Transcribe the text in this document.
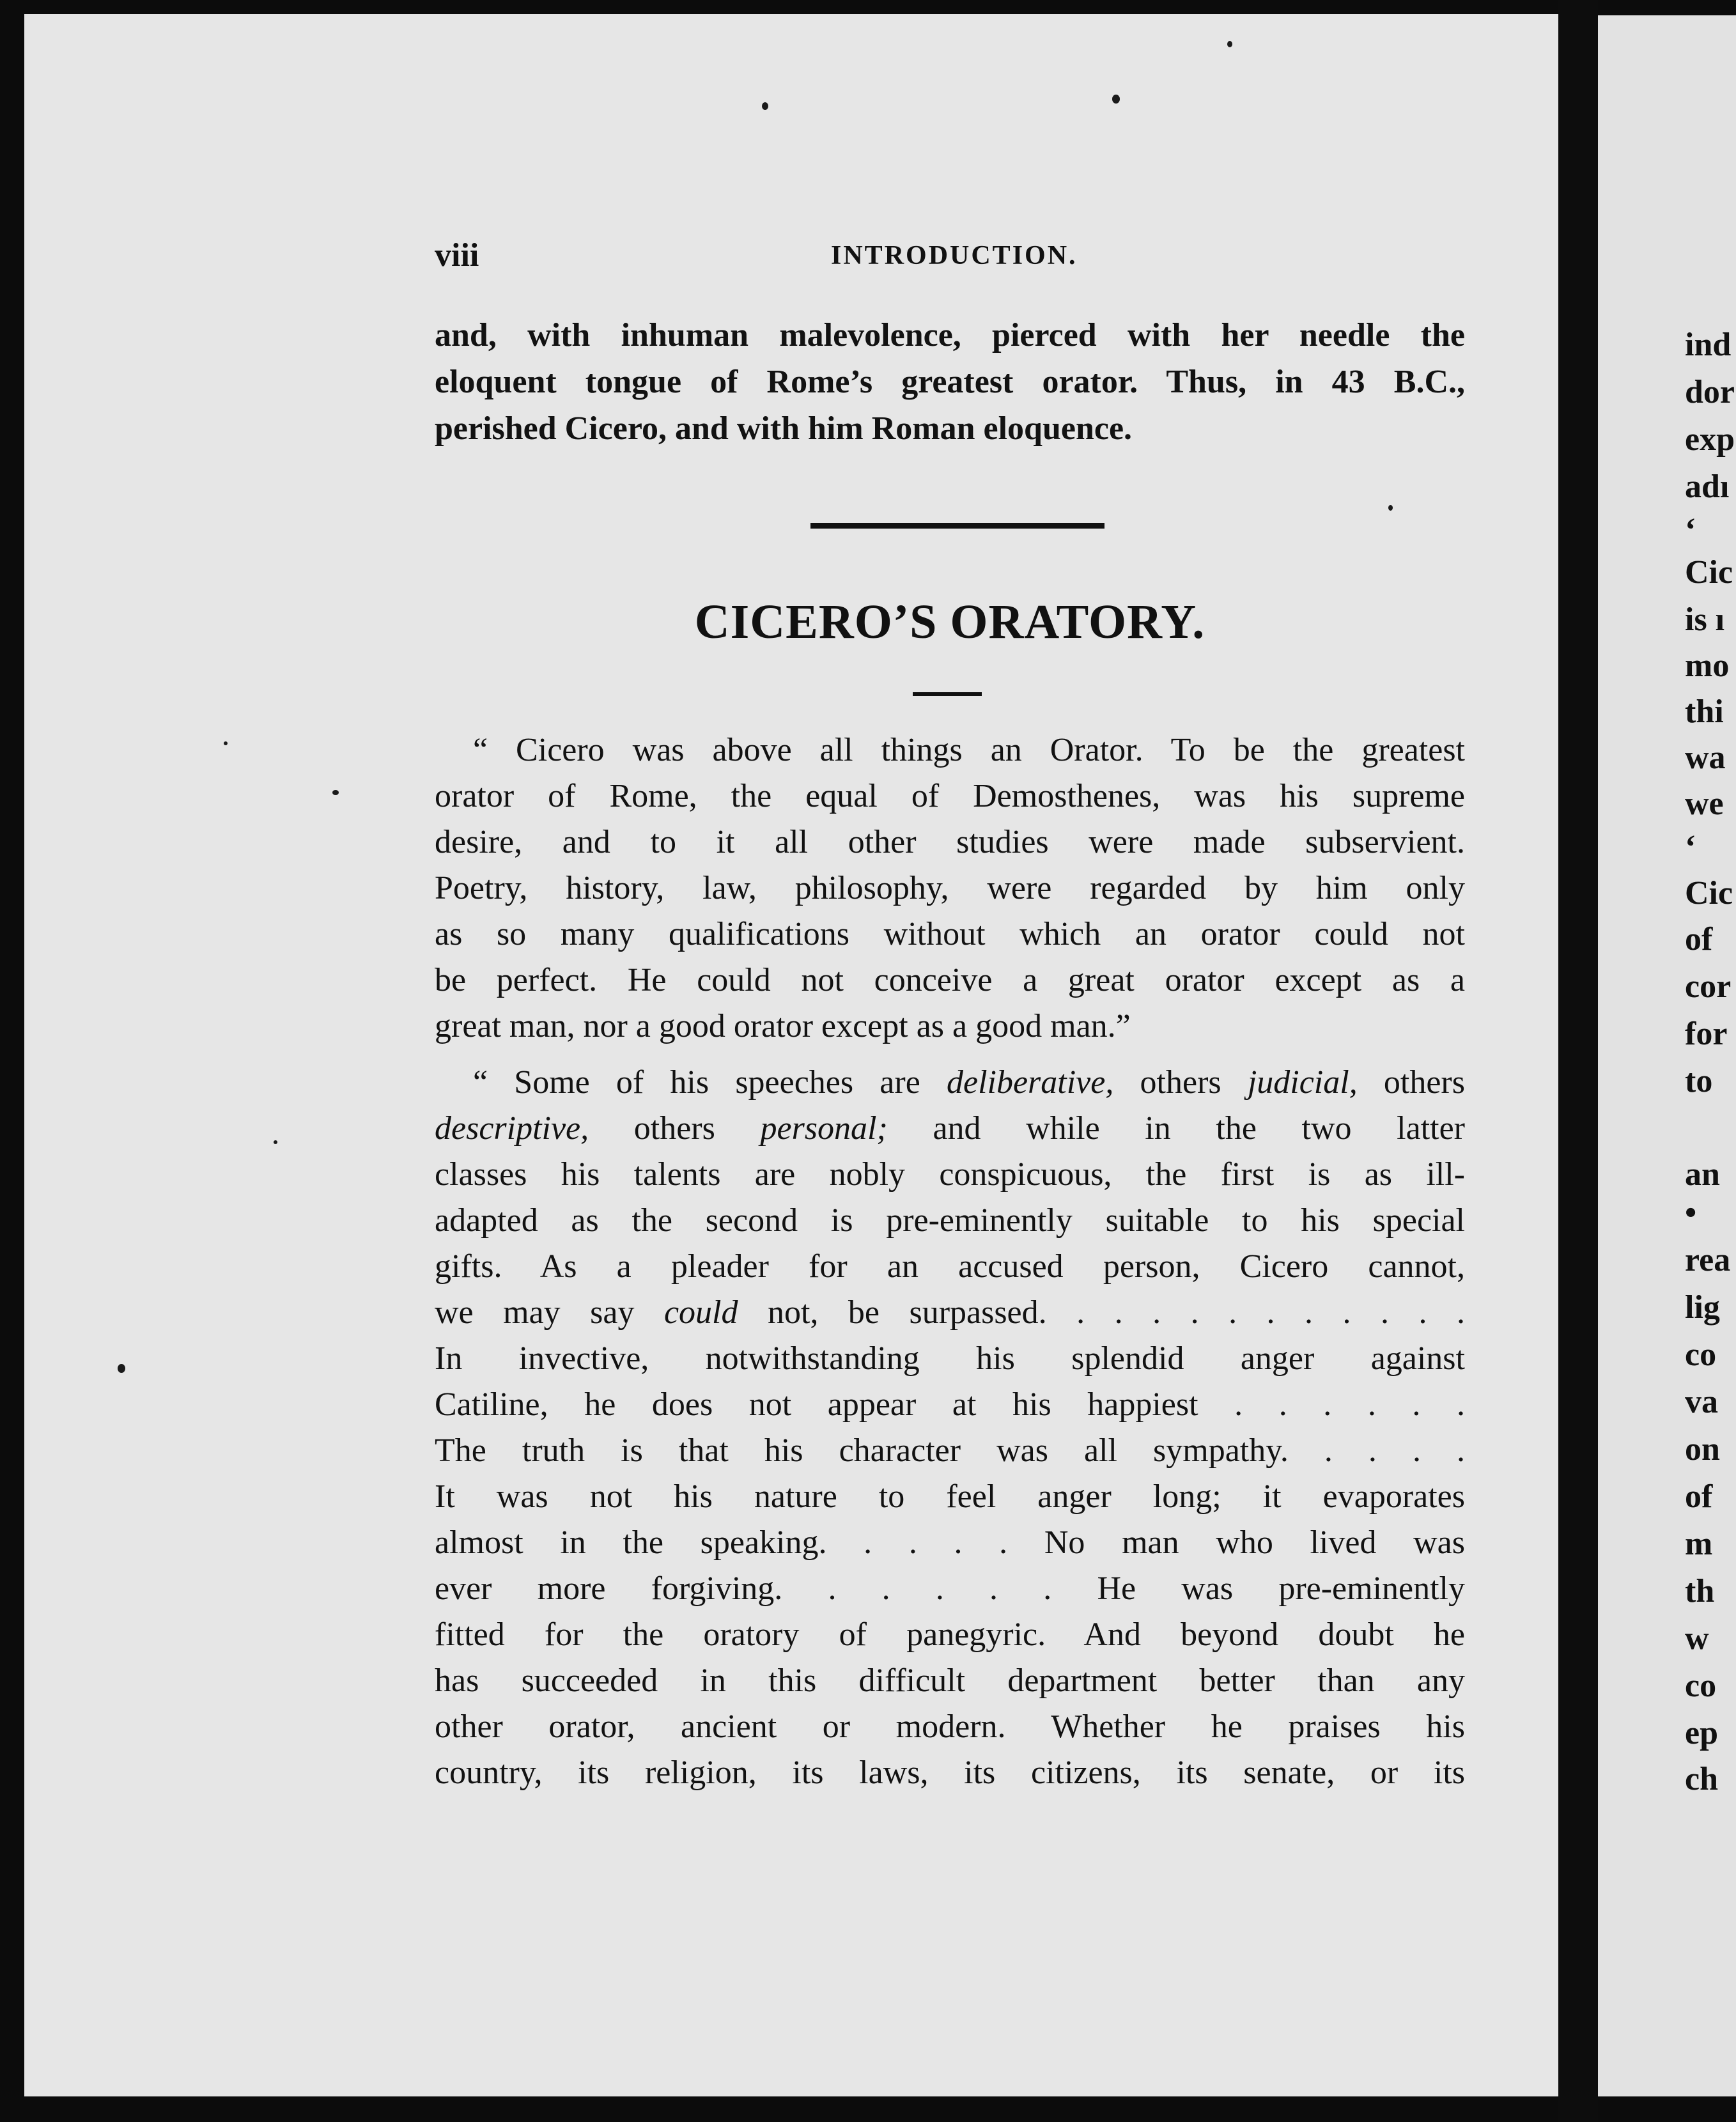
viii	INTRODUCTION.
and, with inhuman malevolence, pierced with her needle the
eloquent tongue of Rome’s greatest orator. Thus, in 43 B.C.,
perished Cicero, and with him Roman eloquence.
CICERO’S ORATORY.
“ Cicero was above all things an Orator. To be the greatest
orator of Rome, the equal of Demosthenes, was his supreme
desire, and to it all other studies were made subservient.
Poetry, history, law, philosophy, were regarded by him only
as so many qualifications without which an orator could not
be perfect. He could not conceive a great orator except as a
great man, nor a good orator except as a good man.”
“ Some of his speeches are deliberative, others judicial, others
descriptive, others personal; and while in the two latter
classes his talents are nobly conspicuous, the first is as ill-
adapted as the second is pre-eminently suitable to his special
gifts. As a pleader for an accused person, Cicero cannot,
we may say could not, be surpassed. . . . . . . . . . . .
In invective, notwithstanding his splendid anger against
Catiline, he does not appear at his happiest . . . . . .
The truth is that his character was all sympathy. . . . .
It was not his nature to feel anger long; it evaporates
almost in the speaking. . . . . No man who lived was
ever more forgiving. . . . . . He was pre-eminently
fitted for the oratory of panegyric. And beyond doubt he
has succeeded in this difficult department better than any
other orator, ancient or modern. Whether he praises his
country, its religion, its laws, its citizens, its senate, or its
ind
dor
exp
adı
‘
Cic
is ı
mo
thi
wa
we
‘
Cic
of
cor
for
to
an
•
rea
lig
co
va
on
of
m
th
w
co
ep
ch
